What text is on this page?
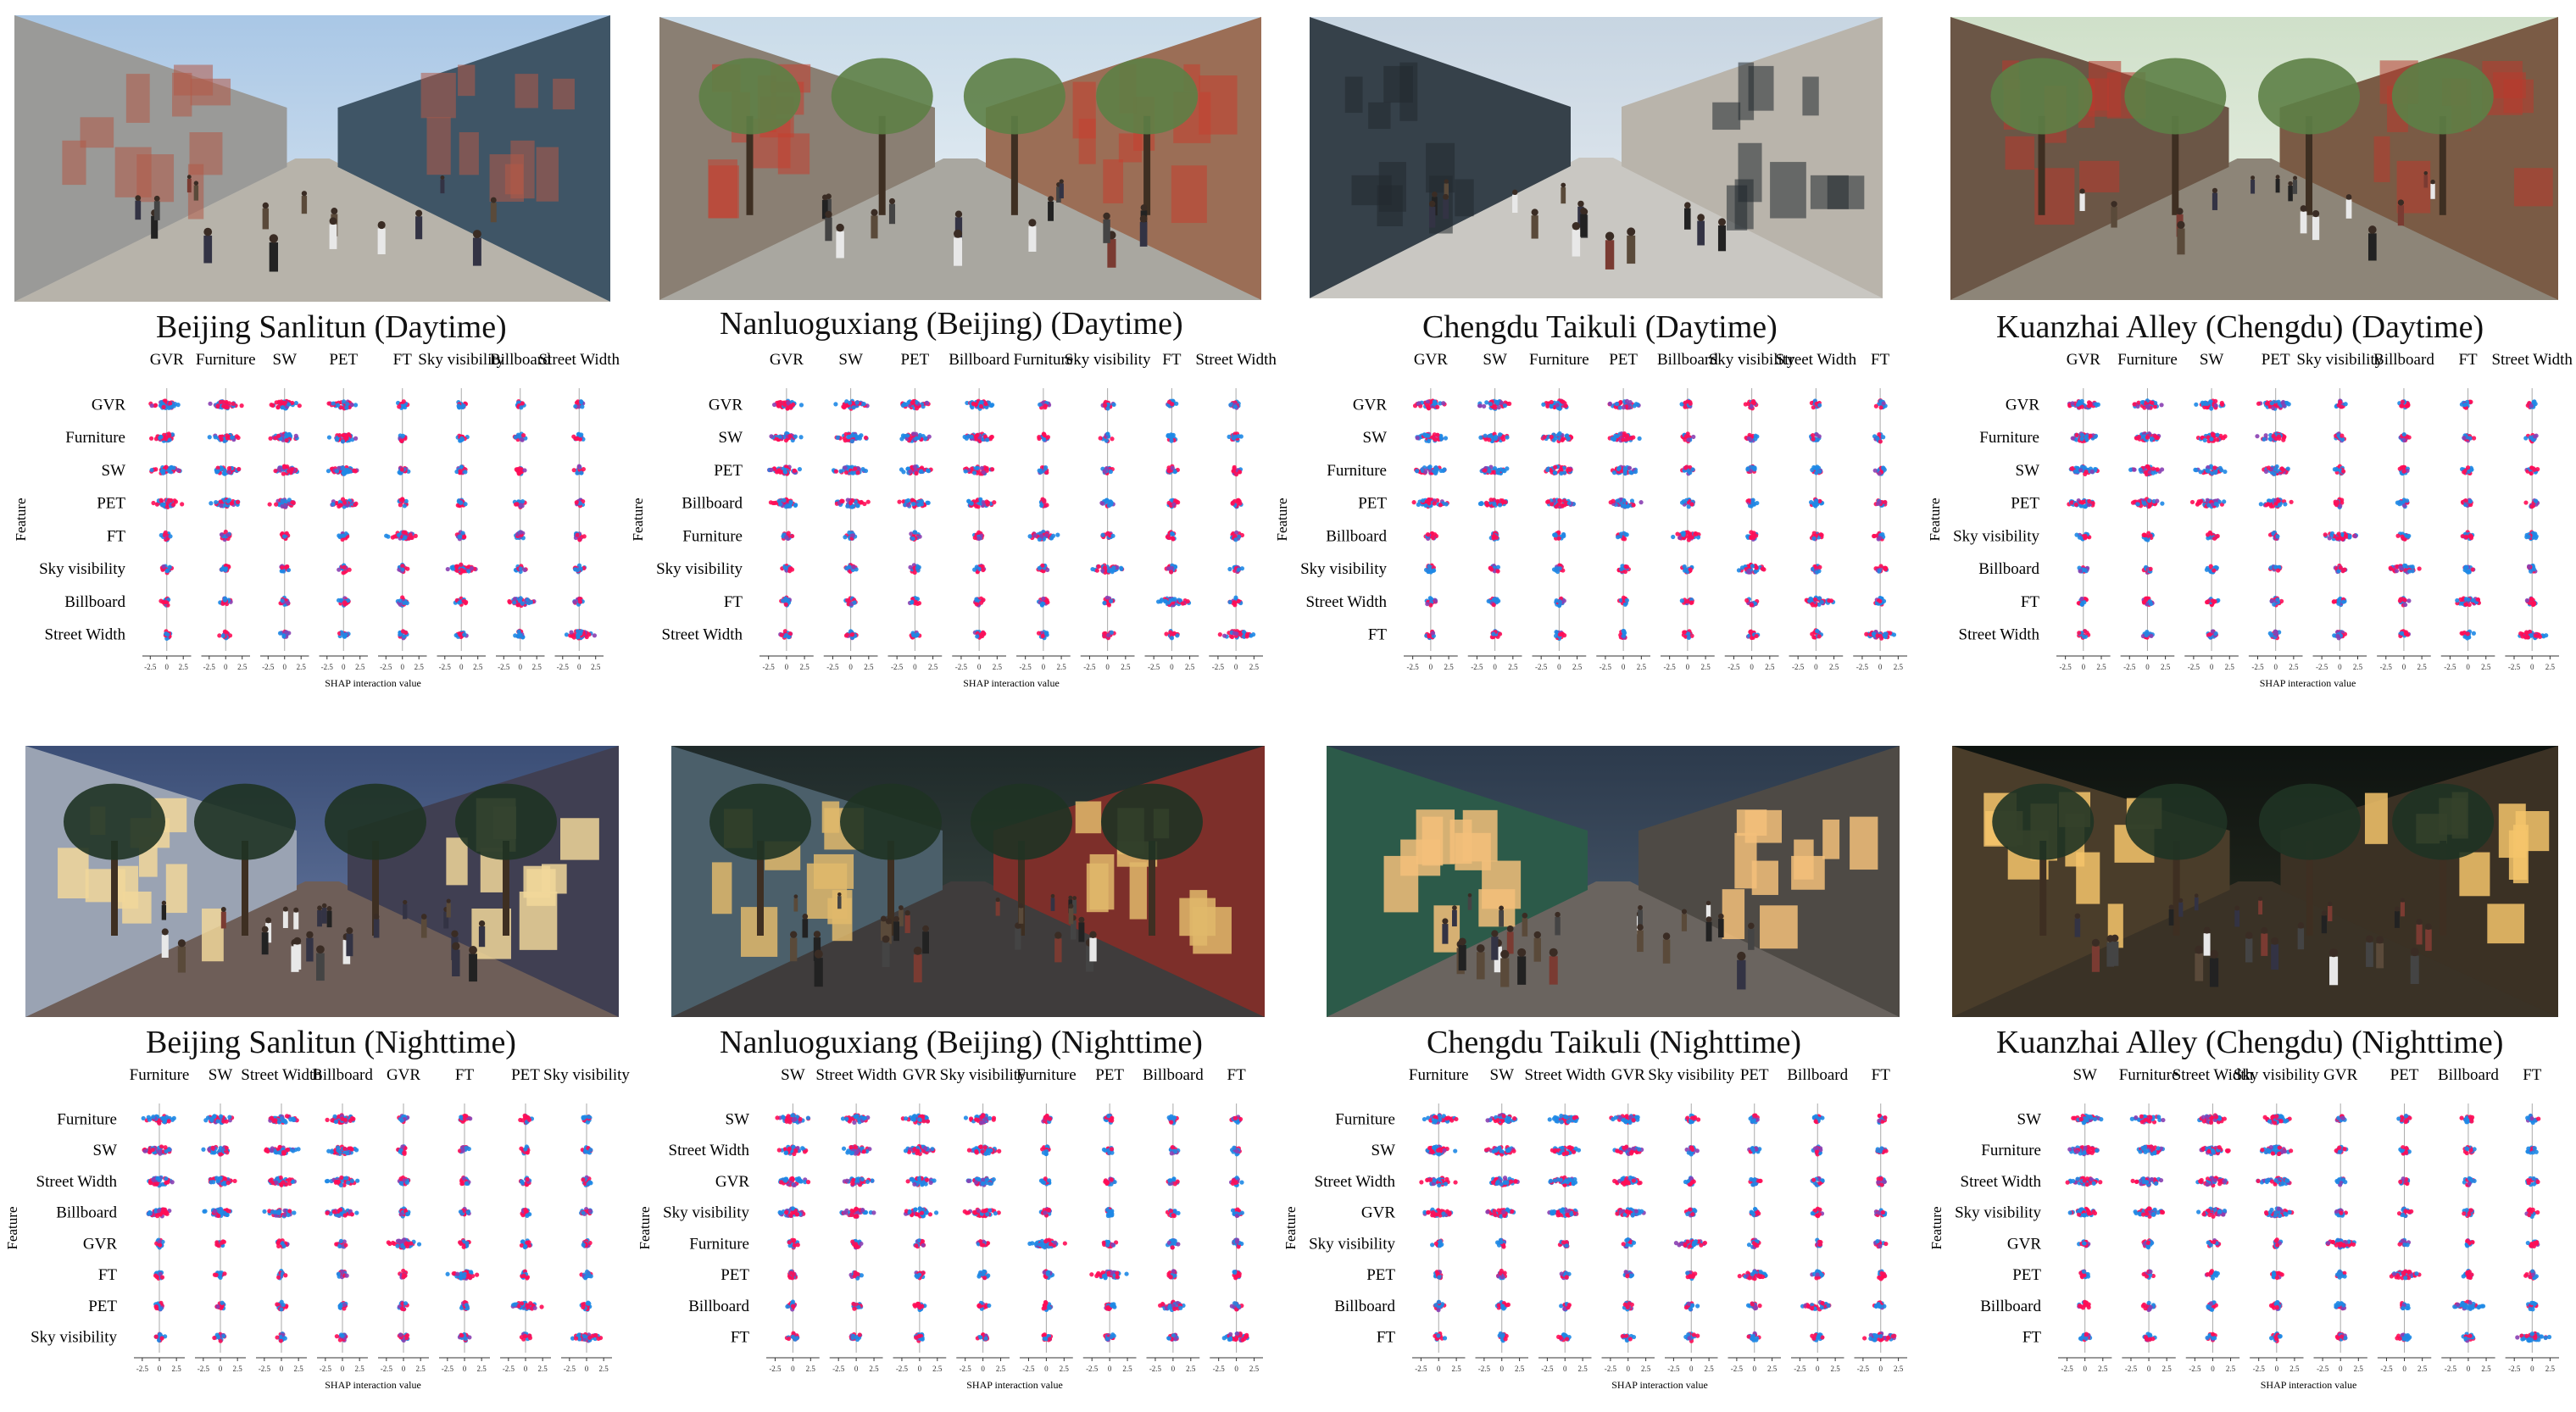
Beijing Sanlitun (Daytime)
Feature
GVR Furniture SW PET FT Sky visibility
Billboard
Street Width
GVR
Furniture
SW
PET
FT
Sky visibility
Billboard
Street Width
-2.5 0 2.5 -2.5 0 2.5 -2.5 0 2.5 -2.5 0 2.5 -2.5 0 2.5 -2.5 0 2.5 -2.5 0 2.5 -2.5 0 2.5
SHAP interaction value
Nanluoguxiang (Beijing) (Daytime)
Feature
GVR SW PET Billboard Furniture
Sky visibility FT Street Width
GVR
SW
PET
Billboard
Furniture
Sky visibility
FT
Street Width
-2.5 0 2.5 -2.5 0 2.5 -2.5 0 2.5 -2.5 0 2.5 -2.5 0 2.5 -2.5 0 2.5 -2.5 0 2.5 -2.5 0 2.5
SHAP interaction value
Chengdu Taikuli (Daytime)
Feature
GVR SW Furniture PET Billboard
Sky visibility
Street Width FT
GVR
SW
Furniture
PET
Billboard
Sky visibility
Street Width
FT
-2.5 0 2.5 -2.5 0 2.5 -2.5 0 2.5 -2.5 0 2.5 -2.5 0 2.5 -2.5 0 2.5 -2.5 0 2.5 -2.5 0 2.5
Kuanzhai Alley (Chengdu) (Daytime)
Feature
GVR Furniture SW PET Sky visibility
Billboard FT Street Width
GVR
Furniture
SW
PET
Sky visibility
Billboard
FT
Street Width
-2.5 0 2.5 -2.5 0 2.5 -2.5 0 2.5 -2.5 0 2.5 -2.5 0 2.5 -2.5 0 2.5 -2.5 0 2.5 -2.5 0 2.5
SHAP interaction value
Beijing Sanlitun (Nighttime)
Feature
Furniture SW Street Width
Billboard GVR FT PET Sky visibility
Furniture
SW
Street Width
Billboard
GVR
FT
PET
Sky visibility
-2.5 0 2.5 -2.5 0 2.5 -2.5 0 2.5 -2.5 0 2.5 -2.5 0 2.5 -2.5 0 2.5 -2.5 0 2.5 -2.5 0 2.5
SHAP interaction value
Nanluoguxiang (Beijing) (Nighttime)
Feature
SW Street Width GVR Sky visibility
Furniture PET Billboard FT
SW
Street Width
GVR
Sky visibility
Furniture
PET
Billboard
FT
-2.5 0 2.5 -2.5 0 2.5 -2.5 0 2.5 -2.5 0 2.5 -2.5 0 2.5 -2.5 0 2.5 -2.5 0 2.5 -2.5 0 2.5
SHAP interaction value
Chengdu Taikuli (Nighttime)
Feature
Furniture SW Street Width GVR Sky visibility PET Billboard FT
Furniture
SW
Street Width
GVR
Sky visibility
PET
Billboard
FT
-2.5 0 2.5 -2.5 0 2.5 -2.5 0 2.5 -2.5 0 2.5 -2.5 0 2.5 -2.5 0 2.5 -2.5 0 2.5 -2.5 0 2.5
SHAP interaction value
Kuanzhai Alley (Chengdu) (Nighttime)
Feature
SW Furniture
Street Width
Sky visibility GVR PET Billboard FT
SW
Furniture
Street Width
Sky visibility
GVR
PET
Billboard
FT
-2.5 0 2.5 -2.5 0 2.5 -2.5 0 2.5 -2.5 0 2.5 -2.5 0 2.5 -2.5 0 2.5 -2.5 0 2.5 -2.5 0 2.5
SHAP interaction value
